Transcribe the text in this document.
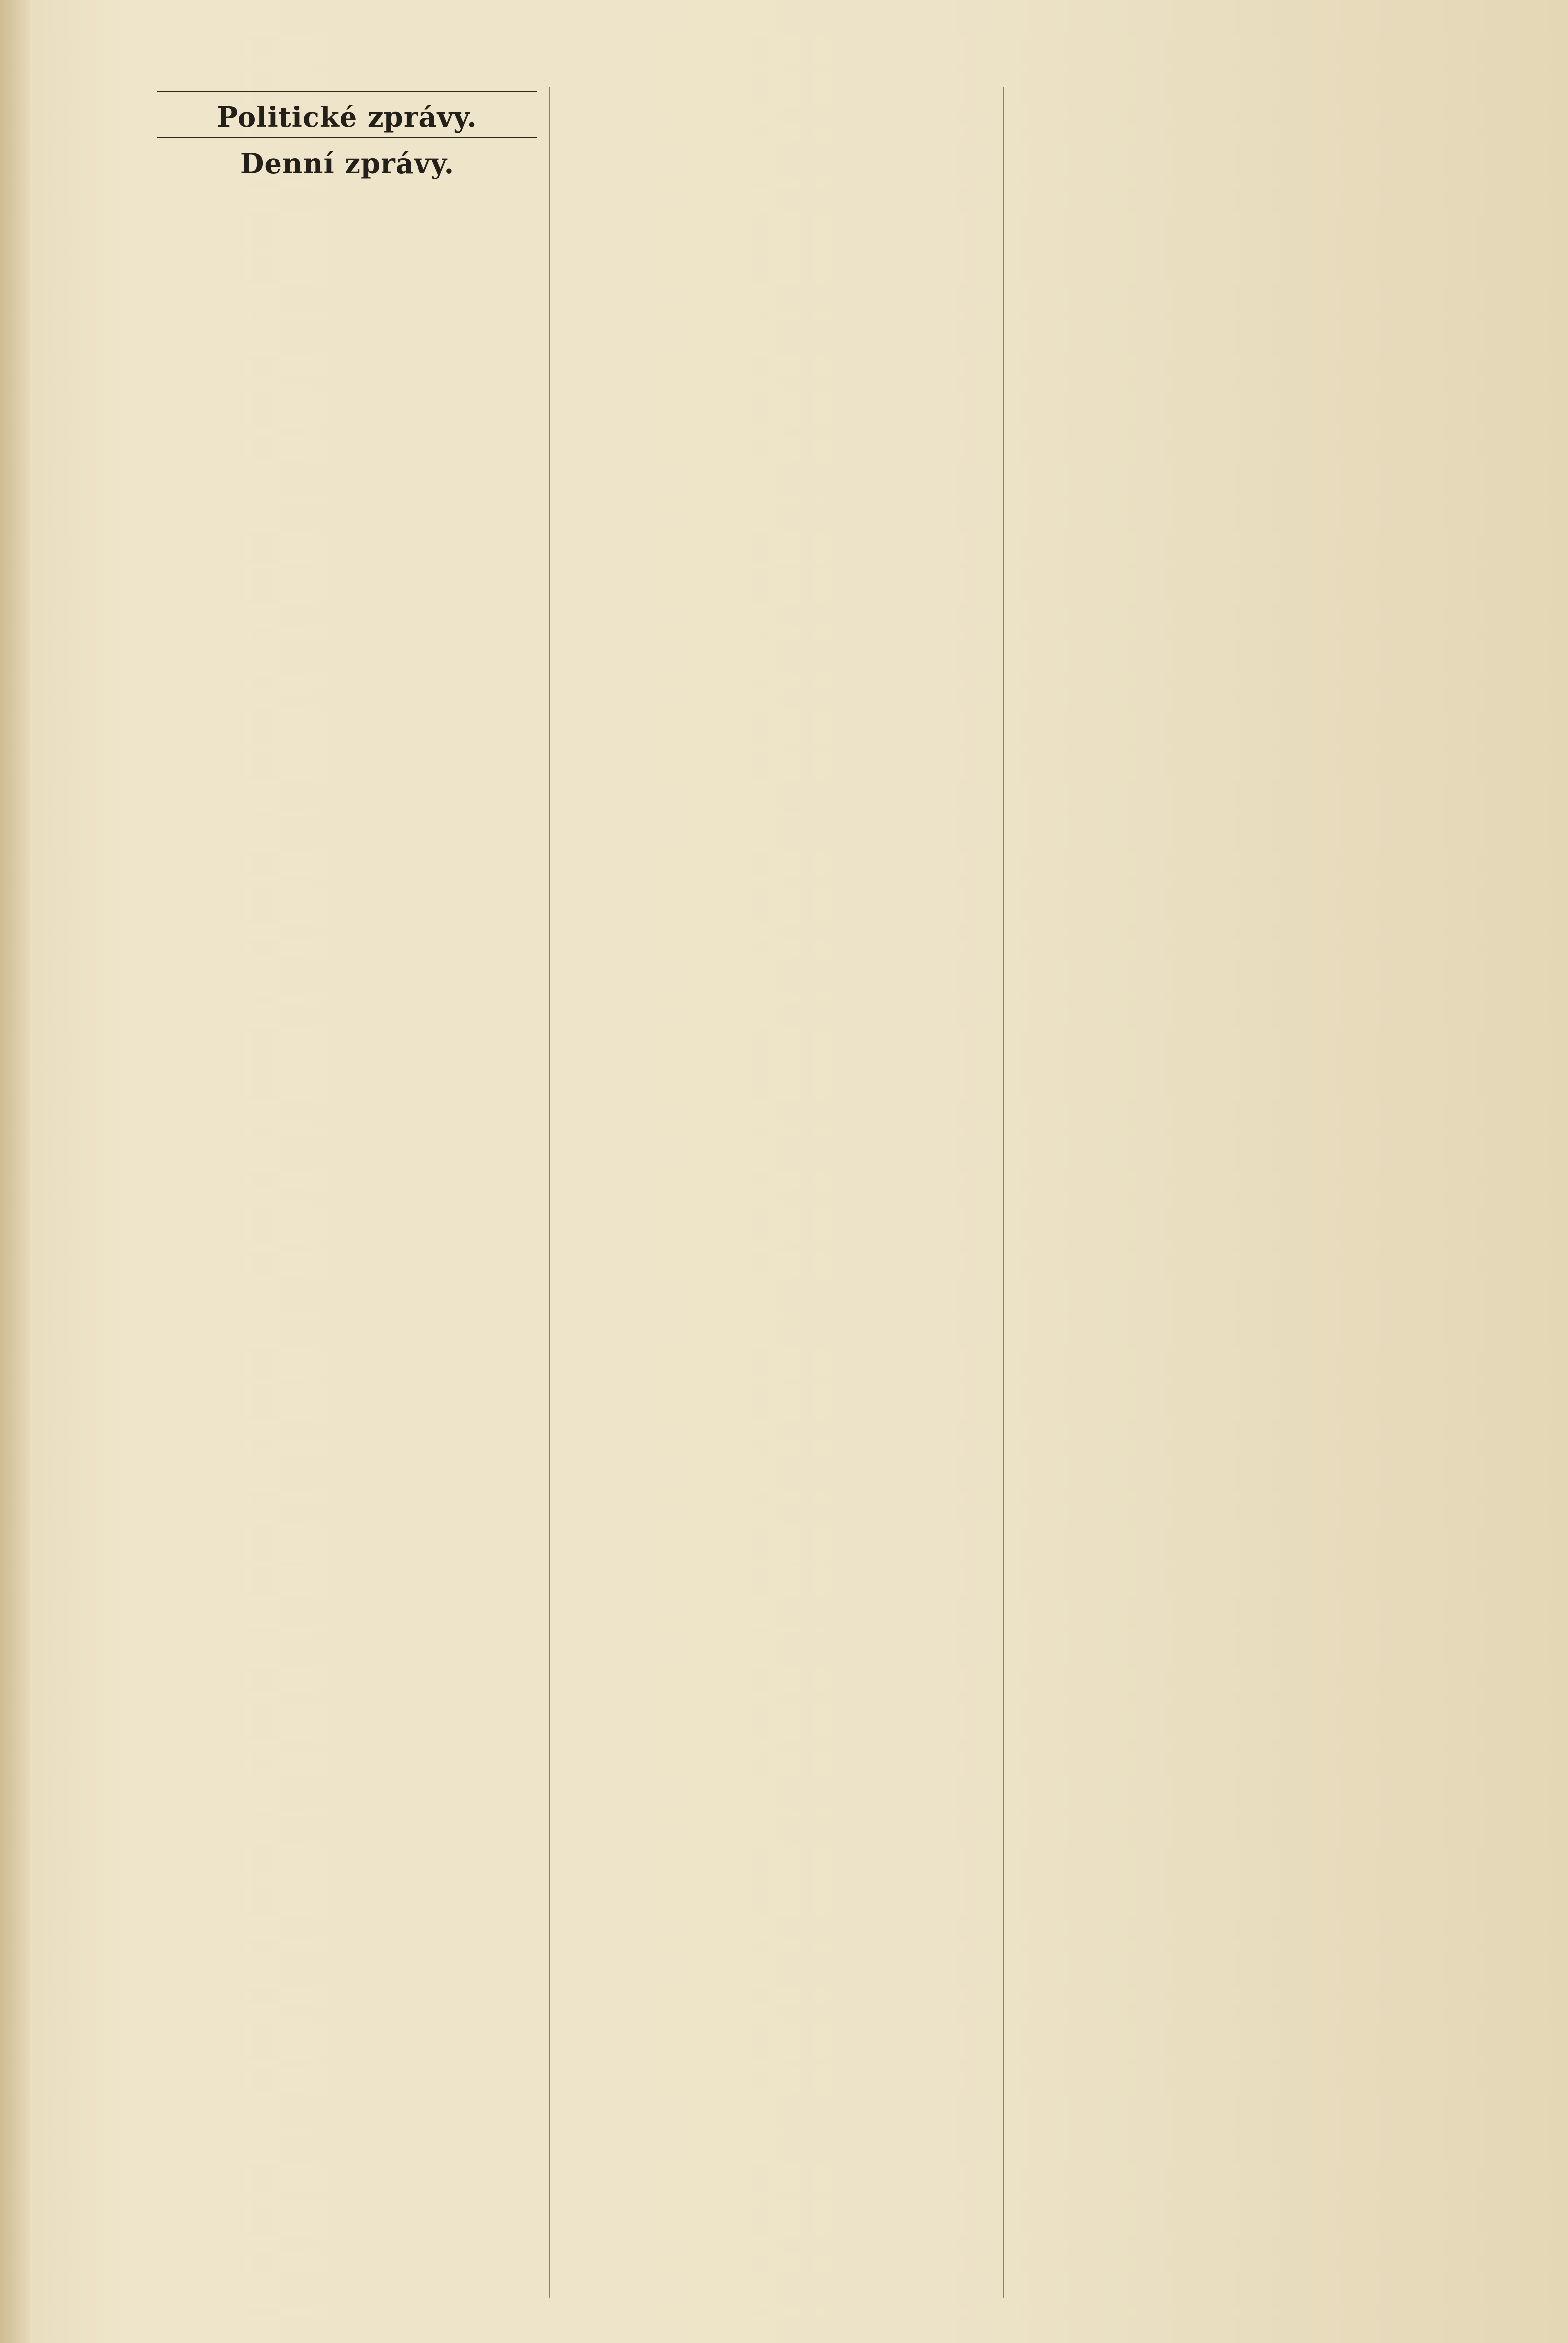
Politické zprávy.

Denní zprávy.
